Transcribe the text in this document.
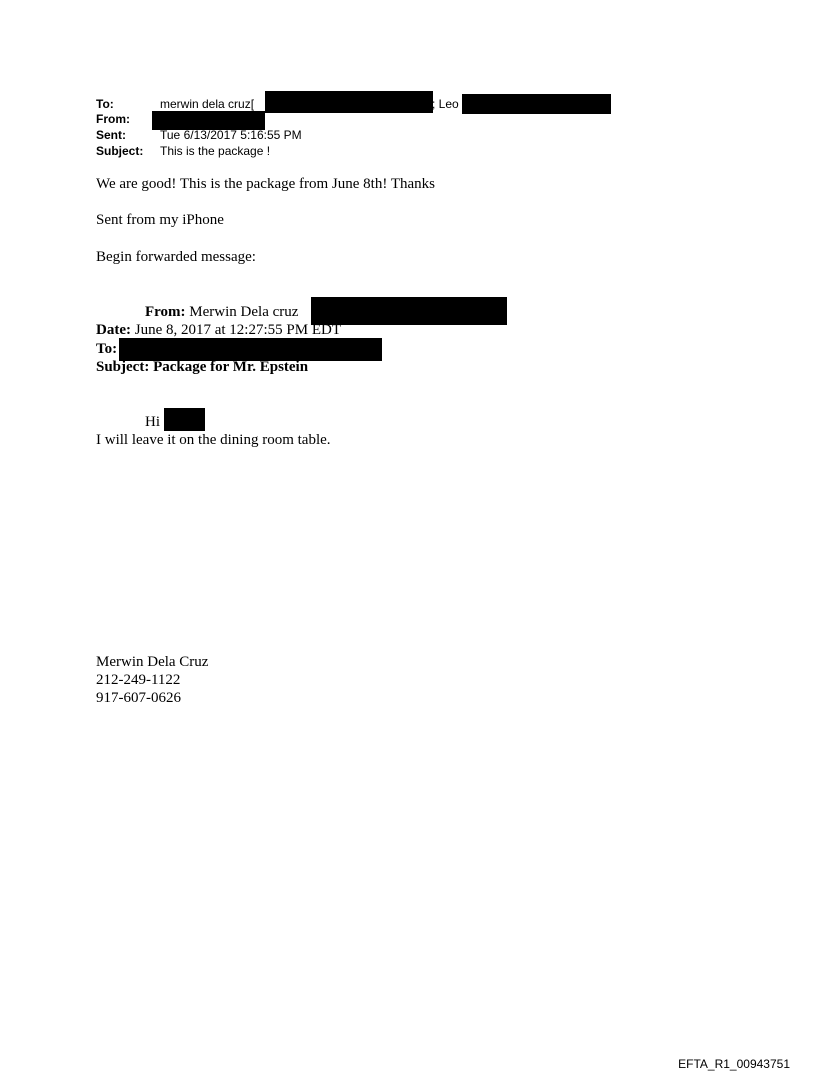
To:	merwin dela cruz[	; Leo
From:
Sent:	Tue 6/13/2017 5:16:55 PM
Subject: This is the package !
We are good! This is the package from June 8th! Thanks
Sent from my iPhone
Begin forwarded message:
From: Merwin Dela cruz
Date: June 8, 2017 at 12:27:55 PM EDT
To:
Subject: Package for Mr. Epstein
Hi
I will leave it on the dining room table.
Merwin Dela Cruz
212-249-1122
917-607-0626
EFTA_R1_00943751
